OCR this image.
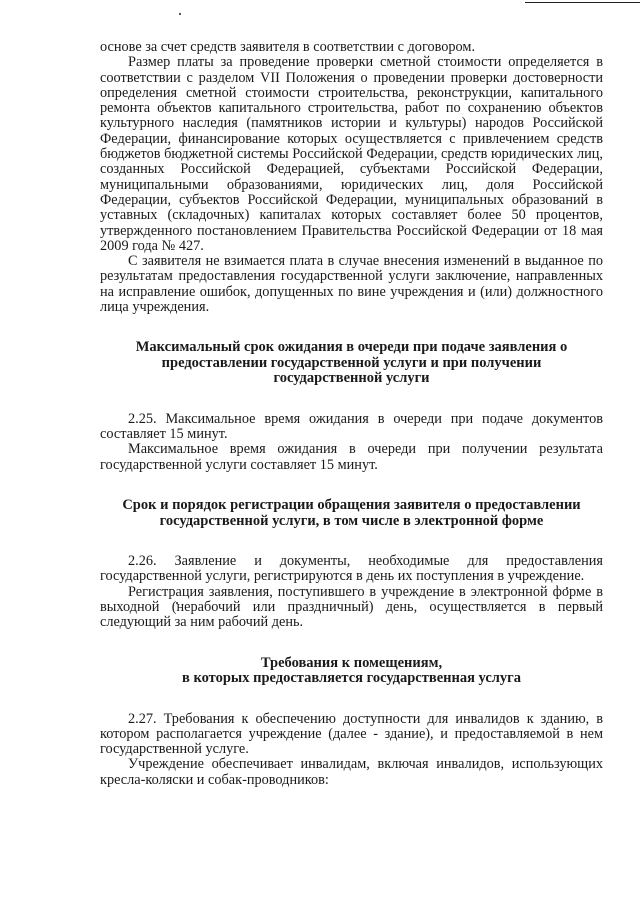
основе за счет средств заявителя в соответствии с договором.

Размер платы за проведение проверки сметной стоимости определяется в соответствии с разделом VII Положения о проведении проверки достоверности определения сметной стоимости строительства, реконструкции, капитального ремонта объектов капитального строительства, работ по сохранению объектов культурного наследия (памятников истории и культуры) народов Российской Федерации, финансирование которых осуществляется с привлечением средств бюджетов бюджетной системы Российской Федерации, средств юридических лиц, созданных Российской Федерацией, субъектами Российской Федерации, муниципальными образованиями, юридических лиц, доля Российской Федерации, субъектов Российской Федерации, муниципальных образований в уставных (складочных) капиталах которых составляет более 50 процентов, утвержденного постановлением Правительства Российской Федерации от 18 мая 2009 года № 427.

С заявителя не взимается плата в случае внесения изменений в выданное по результатам предоставления государственной услуги заключение, направленных на исправление ошибок, допущенных по вине учреждения и (или) должностного лица учреждения.

Максимальный срок ожидания в очереди при подаче заявления о

предоставлении государственной услуги и при получении

государственной услуги

2.25. Максимальное время ожидания в очереди при подаче документов составляет 15 минут.

Максимальное время ожидания в очереди при получении результата государственной услуги составляет 15 минут.

Срок и порядок регистрации обращения заявителя о предоставлении

государственной услуги, в том числе в электронной форме

2.26. Заявление и документы, необходимые для предоставления государственной услуги, регистрируются в день их поступления в учреждение.

Регистрация заявления, поступившего в учреждение в электронной форме в выходной (нерабочий или праздничный) день, осуществляется в первый следующий за ним рабочий день.

Требования к помещениям,

в которых предоставляется государственная услуга

2.27. Требования к обеспечению доступности для инвалидов к зданию, в котором располагается учреждение (далее - здание), и предоставляемой в нем государственной услуге.

Учреждение обеспечивает инвалидам, включая инвалидов, использующих кресла-коляски и собак-проводников:
